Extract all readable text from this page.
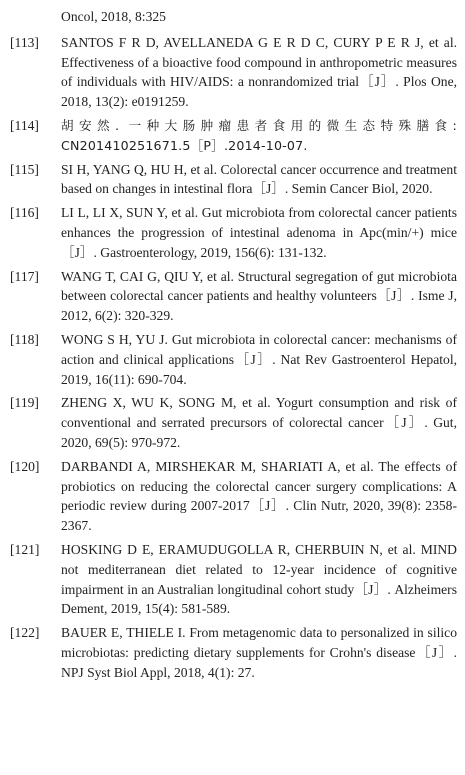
Oncol, 2018, 8:325
[113]	SANTOS F R D, AVELLANEDA G E R D C, CURY P E R J, et al. Effectiveness of a bioactive food compound in anthropometric measures of individuals with HIV/AIDS: a nonrandomized trial［J］. Plos One, 2018, 13(2): e0191259.
[114]	胡安然. 一种大肠肿瘤患者食用的微生态特殊膳食: CN201410251671.5［P］.2014-10-07.
[115]	SI H, YANG Q, HU H, et al. Colorectal cancer occurrence and treatment based on changes in intestinal flora［J］. Semin Cancer Biol, 2020.
[116]	LI L, LI X, SUN Y, et al. Gut microbiota from colorectal cancer patients enhances the progression of intestinal adenoma in Apc(min/+) mice［J］. Gastroenterology, 2019, 156(6): 131-132.
[117]	WANG T, CAI G, QIU Y, et al. Structural segregation of gut microbiota between colorectal cancer patients and healthy volunteers［J］. Isme J, 2012, 6(2): 320-329.
[118]	WONG S H, YU J. Gut microbiota in colorectal cancer: mechanisms of action and clinical applications［J］. Nat Rev Gastroenterol Hepatol, 2019, 16(11): 690-704.
[119]	ZHENG X, WU K, SONG M, et al. Yogurt consumption and risk of conventional and serrated precursors of colorectal cancer［J］. Gut, 2020, 69(5): 970-972.
[120]	DARBANDI A, MIRSHEKAR M, SHARIATI A, et al. The effects of probiotics on reducing the colorectal cancer surgery complications: A periodic review during 2007-2017［J］. Clin Nutr, 2020, 39(8): 2358-2367.
[121]	HOSKING D E, ERAMUDUGOLLA R, CHERBUIN N, et al. MIND not mediterranean diet related to 12-year incidence of cognitive impairment in an Australian longitudinal cohort study［J］. Alzheimers Dement, 2019, 15(4): 581-589.
[122]	BAUER E, THIELE I. From metagenomic data to personalized in silico microbiotas: predicting dietary supplements for Crohn's disease［J］. NPJ Syst Biol Appl, 2018, 4(1): 27.
